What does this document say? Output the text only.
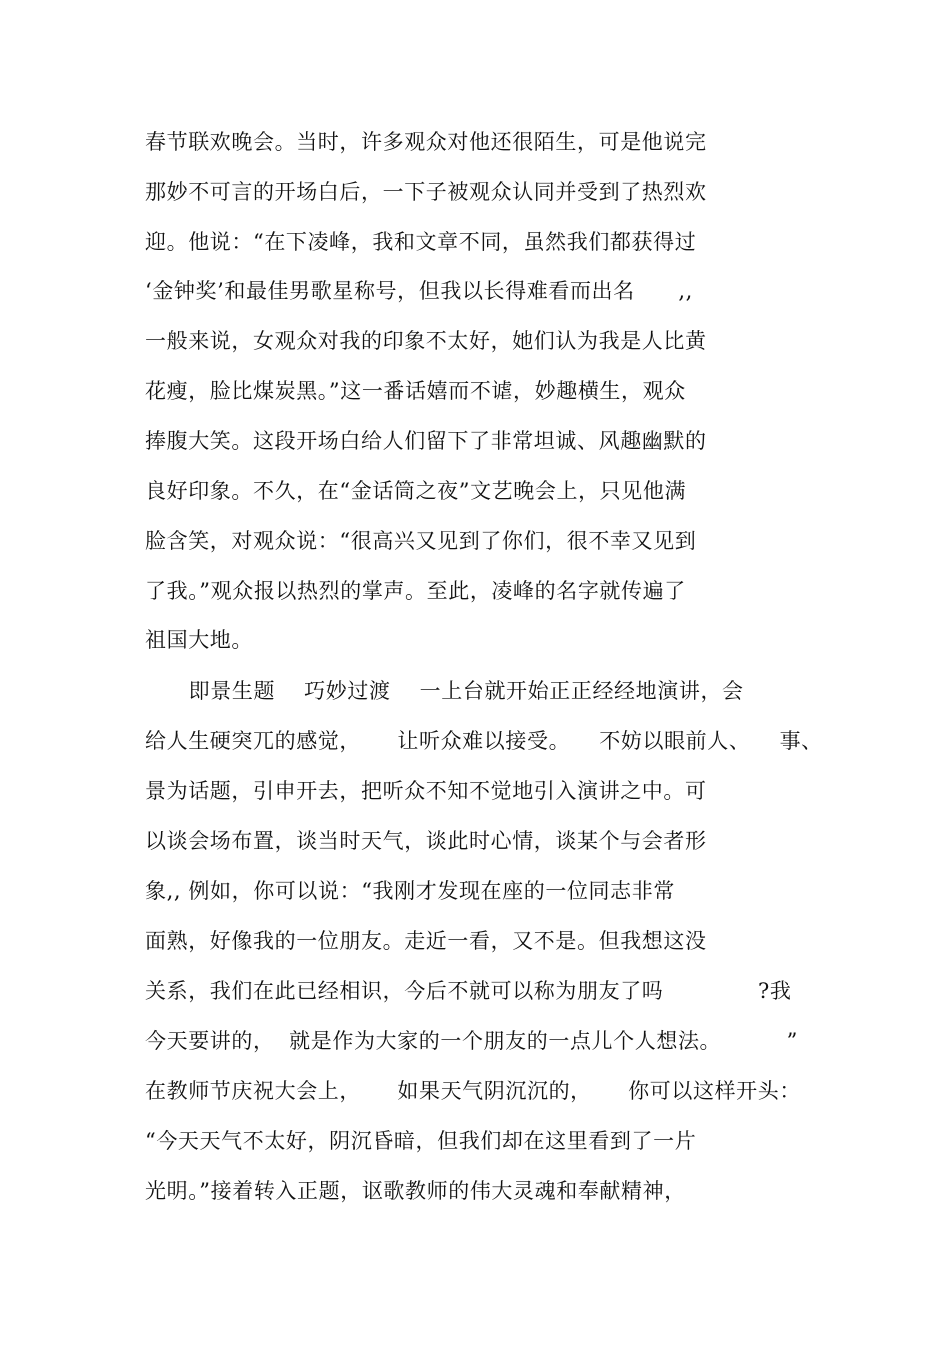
春节联欢晚会。当时，许多观众对他还很陌生，可是他说完
那妙不可言的开场白后，一下子被观众认同并受到了热烈欢
迎。他说：“在下凌峰，我和文章不同，虽然我们都获得过
‘金钟奖’和最佳男歌星称号，但我以长得难看而出名      ,,
一般来说，女观众对我的印象不太好，她们认为我是人比黄
花瘦，脸比煤炭黑。”这一番话嬉而不谑，妙趣横生，观众
捧腹大笑。这段开场白给人们留下了非常坦诚、风趣幽默的
良好印象。不久，在“金话筒之夜”文艺晚会上，只见他满
脸含笑，对观众说：“很高兴又见到了你们，很不幸又见到
了我。”观众报以热烈的掌声。至此，凌峰的名字就传遍了
祖国大地。
即景生题    巧妙过渡    一上台就开始正正经经地演讲，会
给人生硬突兀的感觉，     让听众难以接受。    不妨以眼前人、    事、
景为话题，引申开去，把听众不知不觉地引入演讲之中。可
以谈会场布置，谈当时天气，谈此时心情，谈某个与会者形
象,, 例如，你可以说：“我刚才发现在座的一位同志非常
面熟，好像我的一位朋友。走近一看，又不是。但我想这没
关系，我们在此已经相识，今后不就可以称为朋友了吗             ?我
今天要讲的，  就是作为大家的一个朋友的一点儿个人想法。         ”
在教师节庆祝大会上，     如果天气阴沉沉的，     你可以这样开头：
“今天天气不太好，阴沉昏暗，但我们却在这里看到了一片
光明。”接着转入正题，讴歌教师的伟大灵魂和奉献精神，
